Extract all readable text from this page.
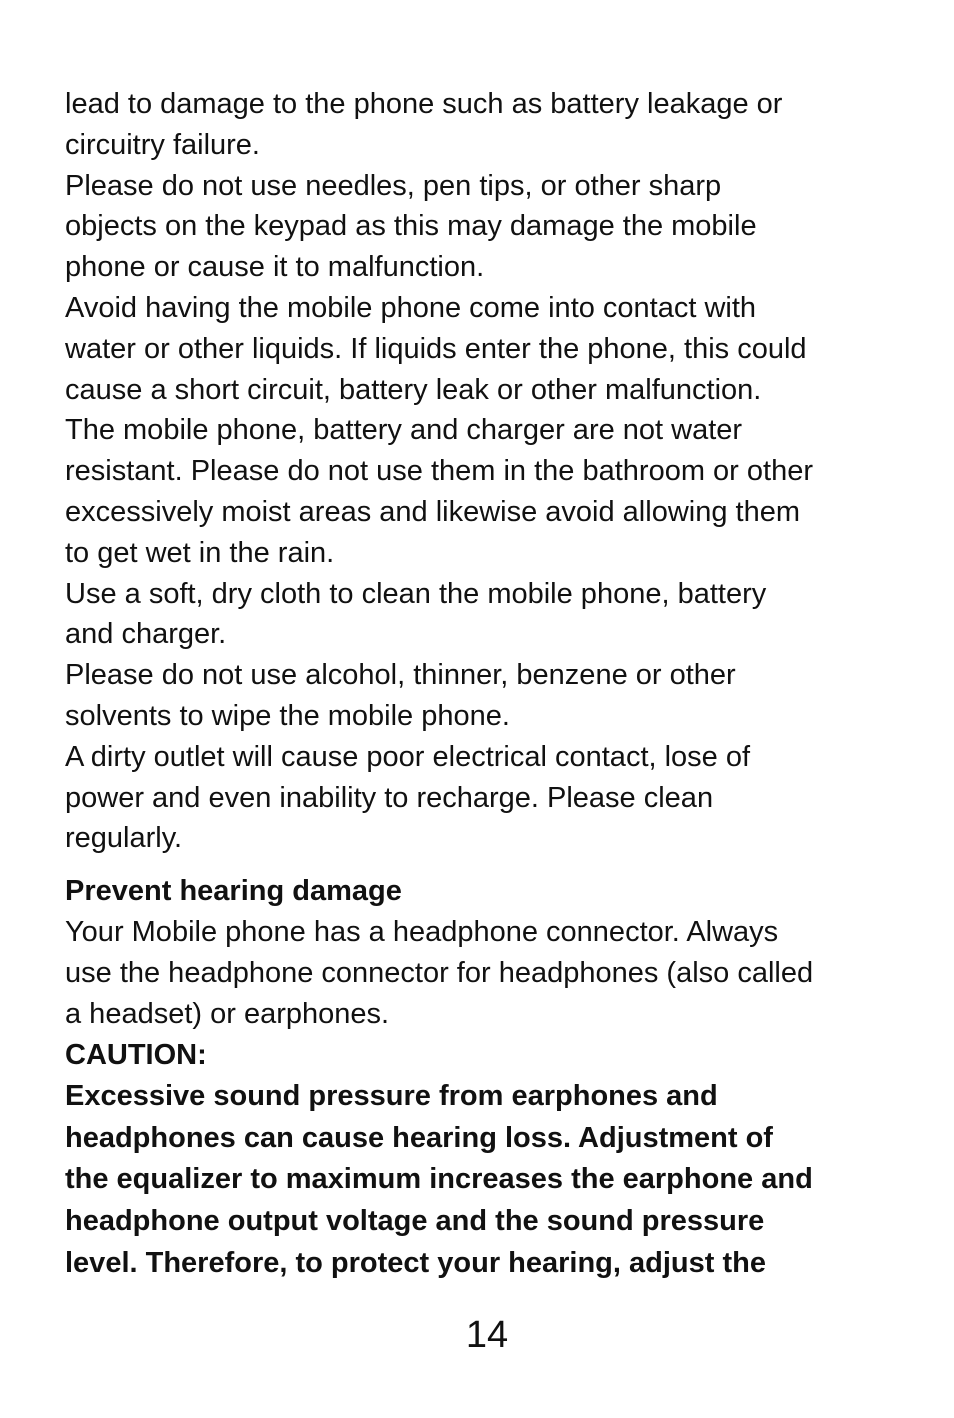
lead to damage to the phone such as battery leakage or
circuitry failure.
Please do not use needles, pen tips, or other sharp
objects on the keypad as this may damage the mobile
phone or cause it to malfunction.
Avoid having the mobile phone come into contact with
water or other liquids. If liquids enter the phone, this could
cause a short circuit, battery leak or other malfunction.
The mobile phone, battery and charger are not water
resistant. Please do not use them in the bathroom or other
excessively moist areas and likewise avoid allowing them
to get wet in the rain.
Use a soft, dry cloth to clean the mobile phone, battery
and charger.
Please do not use alcohol, thinner, benzene or other
solvents to wipe the mobile phone.
A dirty outlet will cause poor electrical contact, lose of
power and even inability to recharge. Please clean
regularly.
Prevent hearing damage
Your Mobile phone has a headphone connector. Always
use the headphone connector for headphones (also called
a headset) or earphones.
CAUTION:
Excessive sound pressure from earphones and
headphones can cause hearing loss. Adjustment of
the equalizer to maximum increases the earphone and
headphone output voltage and the sound pressure
level. Therefore, to protect your hearing, adjust the
14
